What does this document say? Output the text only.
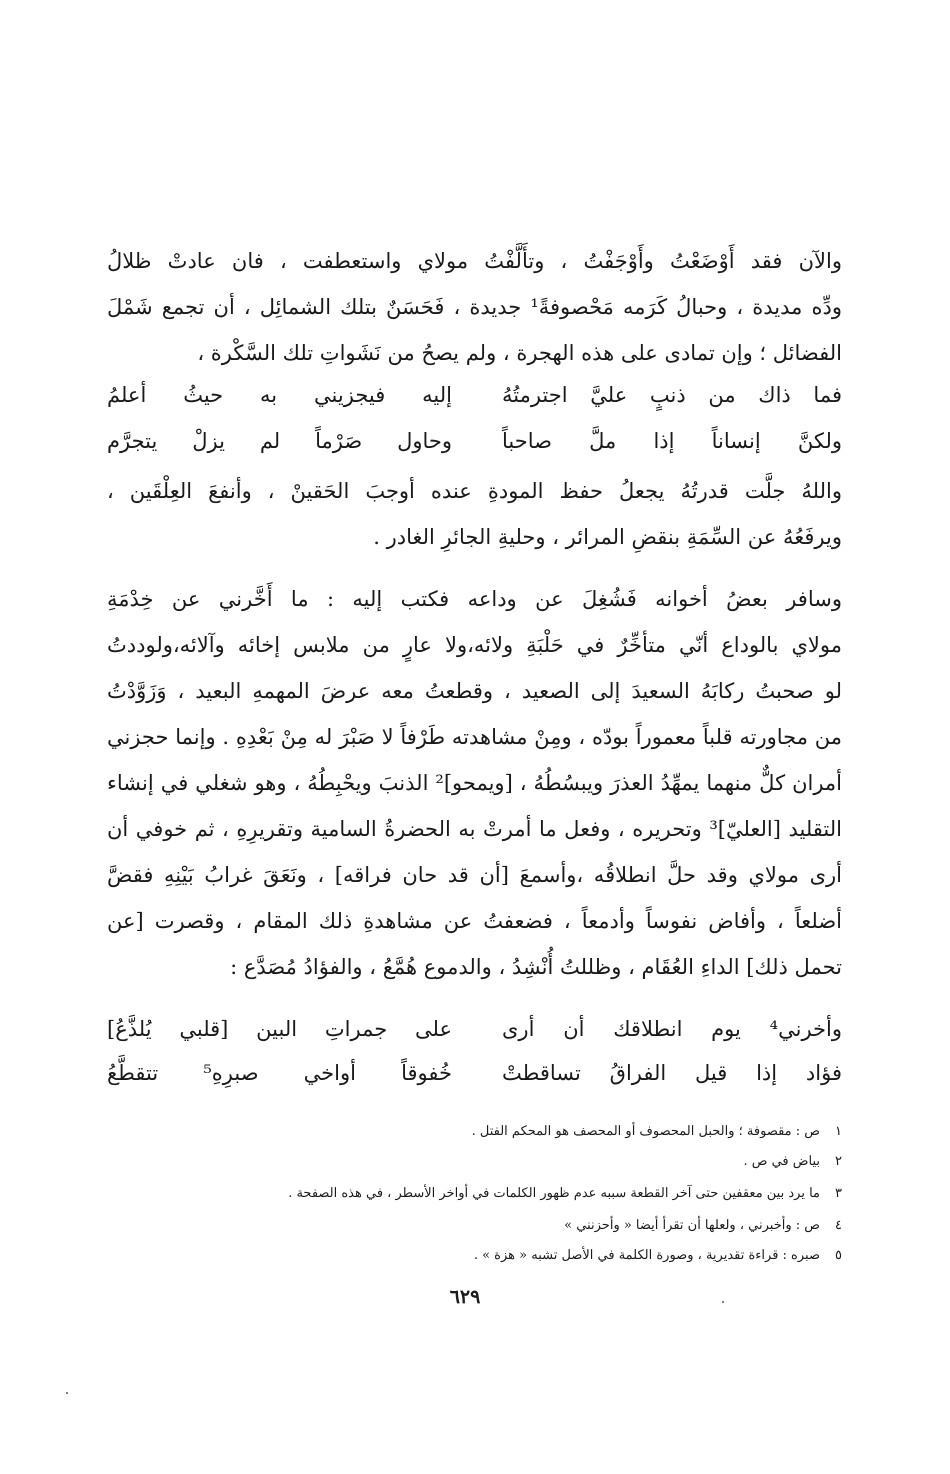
والآن فقد أَوْضَعْتُ وأَوْجَفْتُ ، وتأَلَّفْتُ مولاي واستعطفت ، فان عادتْ ظلالُ
ودِّه مديدة ، وحبالُ كَرَمه مَحْصوفةً¹ جديدة ، فَحَسَنٌ بتلك الشمائِل ، أن تجمع شَمْلَ
الفضائل ؛ وإن تمادى على هذه الهجرة ، ولم يصحُ من نَشَواتِ تلك السَّكْرة ،
فما ذاك من ذنبٍ عليَّ اجترمتُهُ
إليه فيجزيني به حيثُ أعلمُ
ولكنَّ إنساناً إذا ملَّ صاحباً
وحاول صَرْماً لم يزلْ يتجرَّم
واللهُ جلَّت قدرتُهُ يجعلُ حفظ المودةِ عنده أوجبَ الحَقينْ ، وأنفعَ العِلْقَين ،
ويرفَعُهُ عن السِّمَةِ بنقضِ المرائر ، وحليةِ الجائرِ الغادر .
وسافر بعضُ أخوانه فَشُغِلَ عن وداعه فكتب إليه : ما أَخَّرني عن خِدْمَةِ
مولاي بالوداع أنّي متأخِّرٌ في حَلْبَةِ ولائه،ولا عارٍ من ملابس إخائه وآلائه،ولوددتُ
لو صحبتُ ركابَهُ السعيدَ إلى الصعيد ، وقطعتُ معه عرضَ المهمهِ البعيد ، وَزَوَّدْتُ
من مجاورته قلباً معموراً بودّه ، ومِنْ مشاهدته طَرْفاً لا صَبْرَ له مِنْ بَعْدِهِ . وإنما حجزني
أمران كلٌّ منهما يمهِّدُ العذرَ ويبسُطُهُ ، [ويمحو]² الذنبَ ويحْبِطُهُ ، وهو شغلي في إنشاء
التقليد [العليّ]³ وتحريره ، وفعل ما أمرتْ به الحضرةُ السامية وتقريرِهِ ، ثم خوفي أن
أرى مولاي وقد حلَّ انطلاقُه ،وأسمعَ [أن قد حان فراقه] ، ونَعَقَ غرابُ بَيْنِهِ فقضَّ
أضلعاً ، وأفاض نفوساً وأدمعاً ، فضعفتُ عن مشاهدةِ ذلك المقام ، وقصرت [عن
تحمل ذلك] الداءِ العُقَام ، وظللتُ أُنْشِدُ ، والدموع هُمَّعُ ، والفؤادُ مُصَدَّع :
وأخرني⁴ يوم انطلاقك أن أرى
على جمراتِ البين [قلبي يُلذَّعُ]
فؤاد إذا قيل الفراقُ تساقطتْ
خُفوقاً أواخي صبرِهِ⁵ تتقطَّعُ
١ص : مقصوفة ؛ والحبل المحصوف أو المحصف هو المحكم الفتل .
٢بياض في ص .
٣ما يرد بين معقفين حتى آخر القطعة سببه عدم ظهور الكلمات في أواخر الأسطر ، في هذه الصفحة .
٤ص : وأخبرني ، ولعلها أن تقرأ أيضا « وأحزنني »
٥صبره : قراءة تقديرية ، وصورة الكلمة في الأصل تشبه « هزة » .
٦٢٩
